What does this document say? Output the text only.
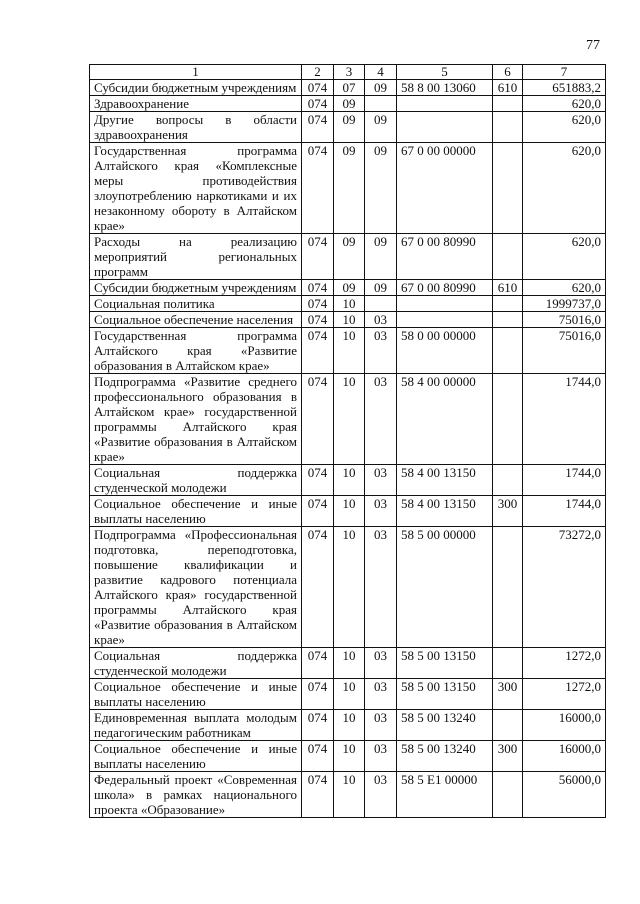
77
1	2	3	4	5	6	7
Субсидии бюджетным учреждениям	074	07	09	58 8 00 13060	610	651883,2
Здравоохранение	074	09				620,0
Другие вопросы в области здравоохранения	074	09	09			620,0
Государственная программа Алтайского края «Комплексные меры противодействия злоупотреблению наркотиками и их незаконному обороту в Алтайском крае»	074	09	09	67 0 00 00000		620,0
Расходы на реализацию мероприятий региональных программ	074	09	09	67 0 00 80990		620,0
Субсидии бюджетным учреждениям	074	09	09	67 0 00 80990	610	620,0
Социальная политика	074	10				1999737,0
Социальное обеспечение населения	074	10	03			75016,0
Государственная программа Алтайского края «Развитие образования в Алтайском крае»	074	10	03	58 0 00 00000		75016,0
Подпрограмма «Развитие среднего профессионального образования в Алтайском крае» государственной программы Алтайского края «Развитие образования в Алтайском крае»	074	10	03	58 4 00 00000		1744,0
Социальная поддержка студенческой молодежи	074	10	03	58 4 00 13150		1744,0
Социальное обеспечение и иные выплаты населению	074	10	03	58 4 00 13150	300	1744,0
Подпрограмма «Профессиональная подготовка, переподготовка, повышение квалификации и развитие кадрового потенциала Алтайского края» государственной программы Алтайского края «Развитие образования в Алтайском крае»	074	10	03	58 5 00 00000		73272,0
Социальная поддержка студенческой молодежи	074	10	03	58 5 00 13150		1272,0
Социальное обеспечение и иные выплаты населению	074	10	03	58 5 00 13150	300	1272,0
Единовременная выплата молодым педагогическим работникам	074	10	03	58 5 00 13240		16000,0
Социальное обеспечение и иные выплаты населению	074	10	03	58 5 00 13240	300	16000,0
Федеральный проект «Современная школа» в рамках национального проекта «Образование»	074	10	03	58 5 E1 00000		56000,0
